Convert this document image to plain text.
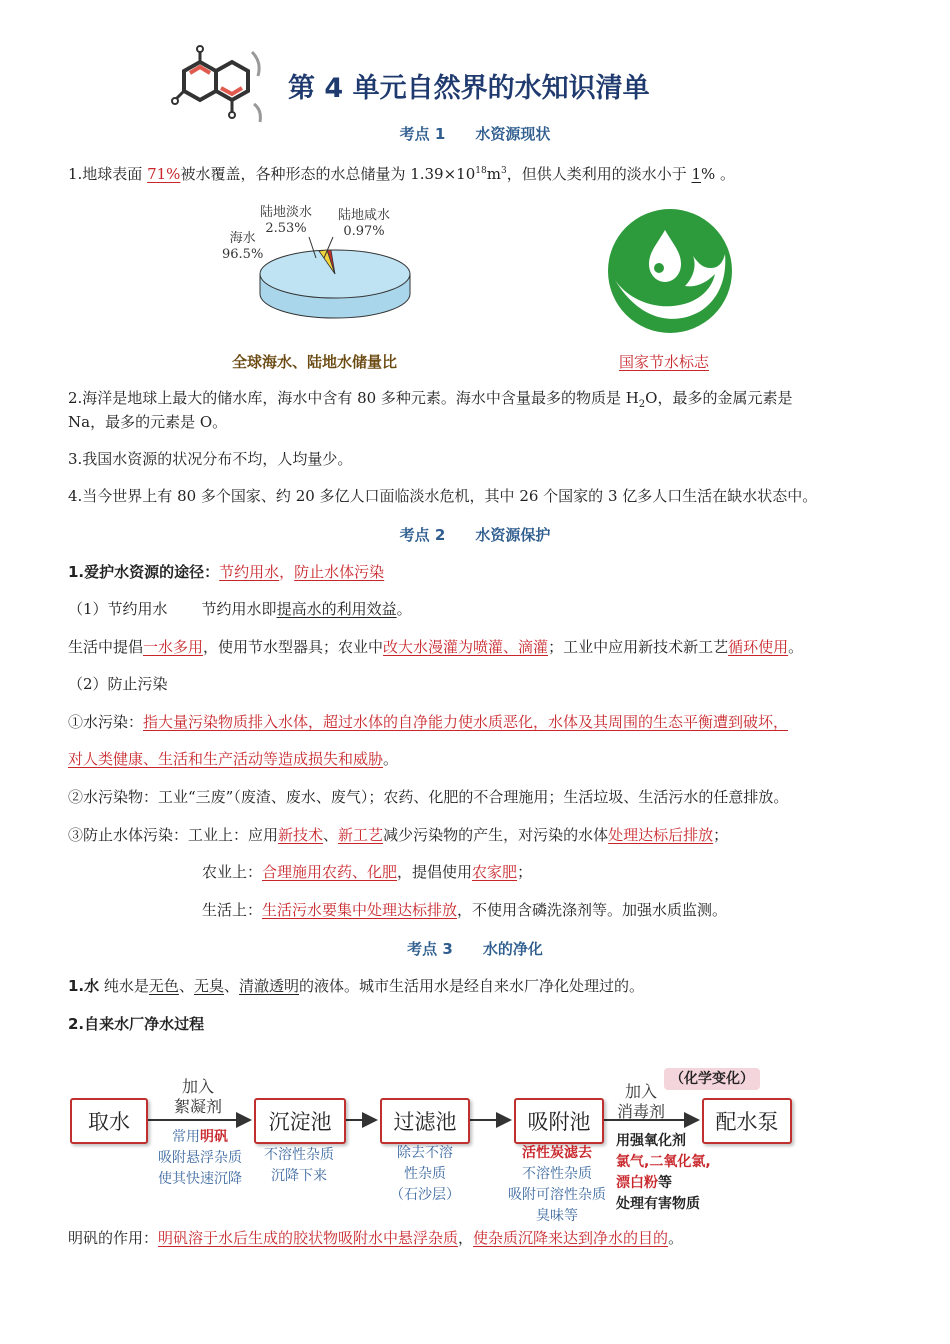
第 4 单元自然界的水知识清单
考点 1 水资源现状
1.地球表面 71%被水覆盖，各种形态的水总储量为 $1.39\times 10^{18}m^3$，但供人类利用的淡水小于 1% 。
海水
96.5%
陆地淡水
2.53%
陆地咸水
0.97%
全球海水、陆地水储量比	国家节水标志
2.海洋是地球上最大的储水库，海水中含有 80 多种元素。海水中含量最多的物质是 $H_2O$，最多的金属元素是
Na，最多的元素是 O。
3.我国水资源的状况分布不均，人均量少。
4.当今世界上有 80 多个国家、约 20 多亿人口面临淡水危机，其中 26 个国家的 3 亿多人口生活在缺水状态中。
考点 2 水资源保护
1.爱护水资源的途径：节约用水，防止水体污染
（1）节约用水 节约用水即提高水的利用效益。
生活中提倡一水多用，使用节水型器具；农业中改大水漫灌为喷灌、滴灌；工业中应用新技术新工艺循环使用。
（2）防止污染
①水污染：指大量污染物质排入水体，超过水体的自净能力使水质恶化，水体及其周围的生态平衡遭到破坏，
对人类健康、生活和生产活动等造成损失和威胁。
②水污染物：工业“三废”（废渣、废水、废气）；农药、化肥的不合理施用；生活垃圾、生活污水的任意排放。
③防止水体污染：工业上：应用新技术、新工艺减少污染物的产生，对污染的水体处理达标后排放；
农业上：合理施用农药、化肥，提倡使用农家肥；
生活上：生活污水要集中处理达标排放，不使用含磷洗涤剂等。加强水质监测。
考点 3 水的净化
1.水 纯水是无色、无臭、清澈透明的液体。城市生活用水是经自来水厂净化处理过的。
2.自来水厂净水过程
取水	沉淀池	过滤池	吸附池	配水泵
加入
絮凝剂
加入
消毒剂
（化学变化）
常用明矾
吸附悬浮杂质
使其快速沉降
不溶性杂质
沉降下来
除去不溶
性杂质
（石沙层）
活性炭滤去
不溶性杂质
吸附可溶性杂质
臭味等
用强氧化剂
氯气,二氧化氯,
漂白粉等
处理有害物质
明矾的作用：明矾溶于水后生成的胶状物吸附水中悬浮杂质，使杂质沉降来达到净水的目的。
